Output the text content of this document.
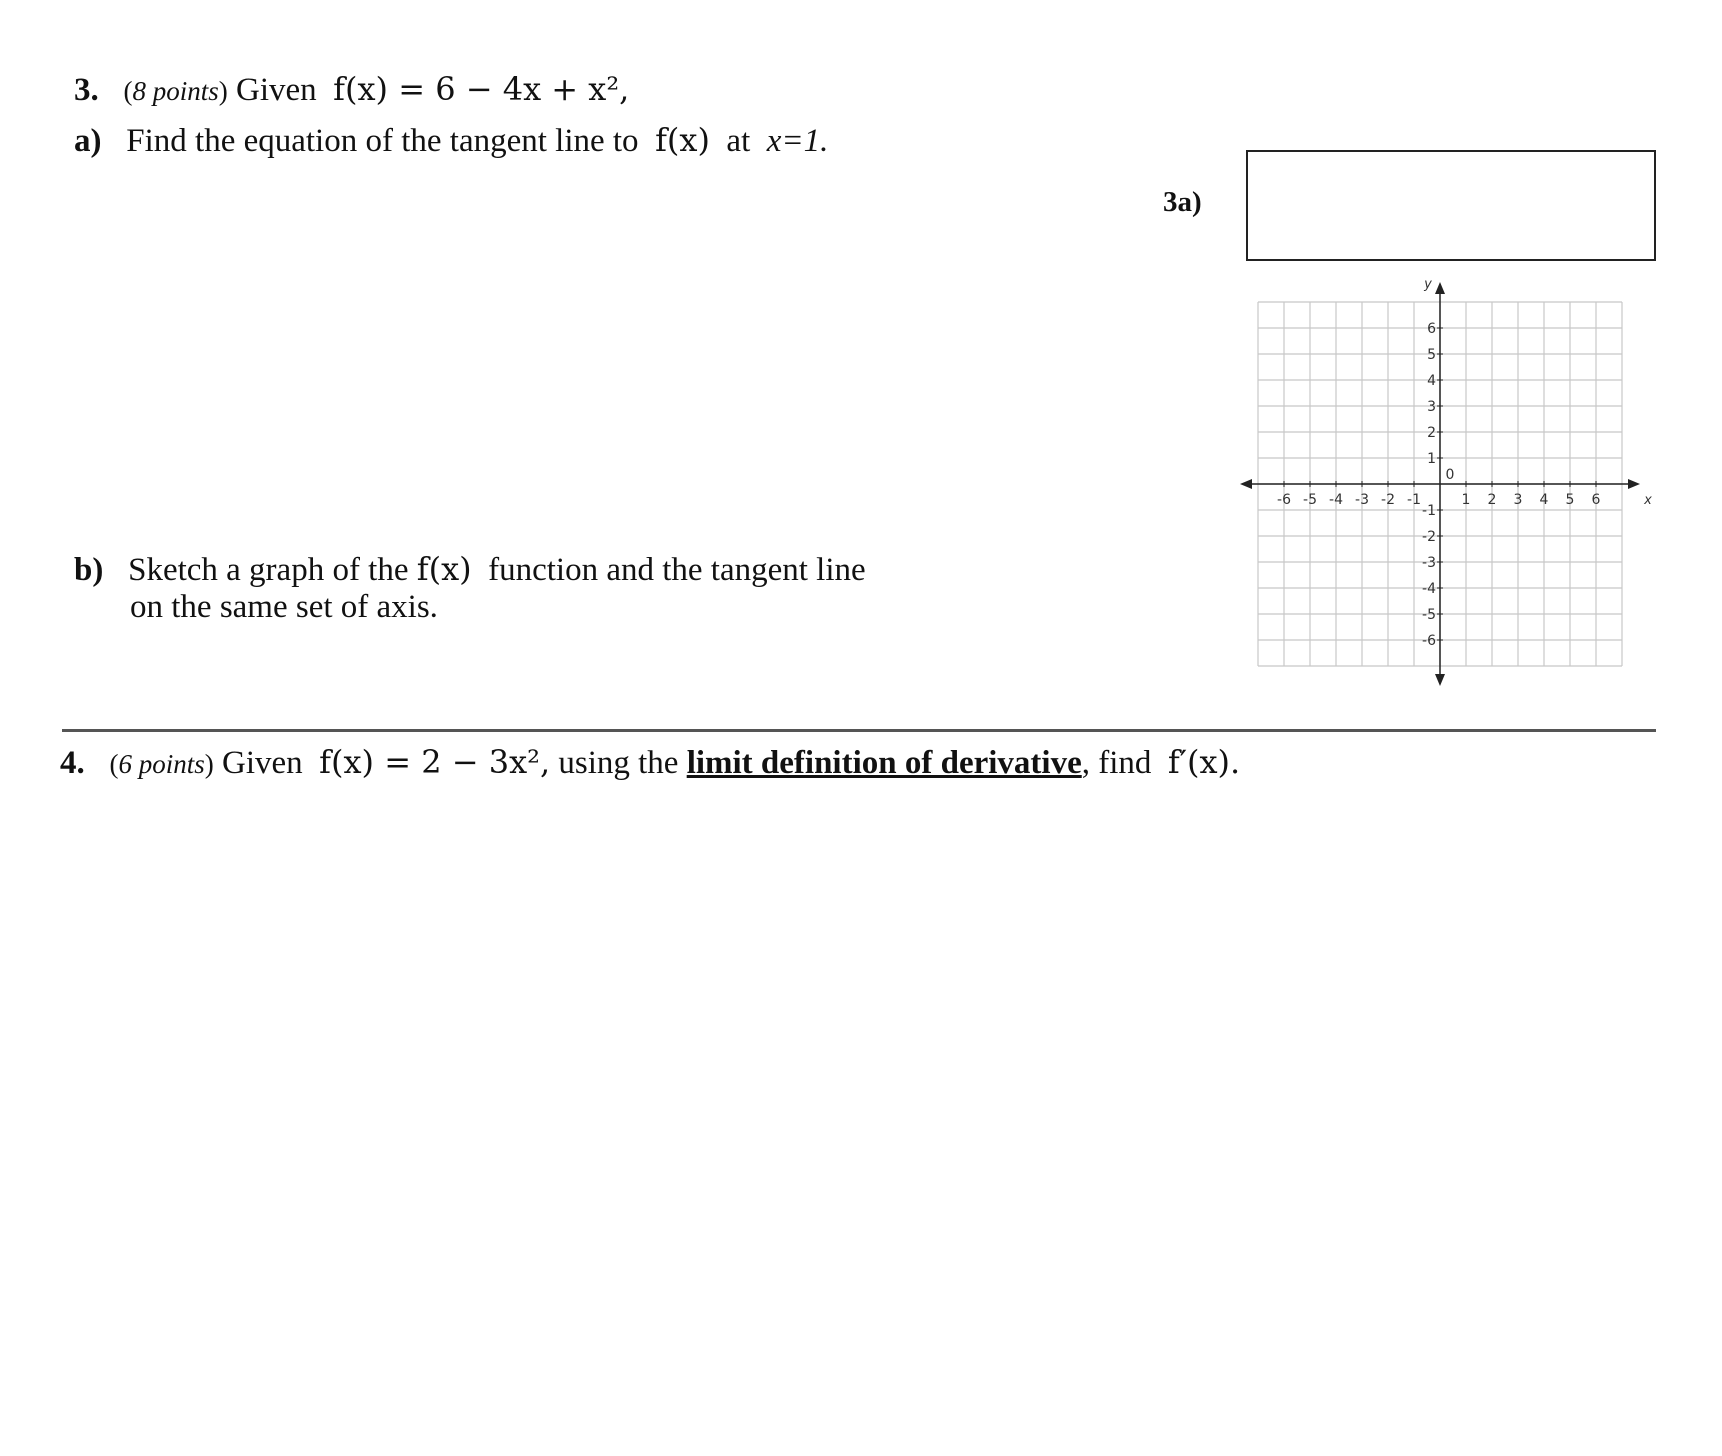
3. (8 points) Given f(x) = 6 − 4x + x²,
a) Find the equation of the tangent line to f(x) at x=1.
3a)
b) Sketch a graph of the f(x) function and the tangent line
on the same set of axis.
-6 -5 -4 -3 -2 -1	1 2 3 4 5 6
6
5
4
3
2
1
-1
-2
-3
-4
-5
-6
0
x
y
4. (6 points) Given f(x) = 2 − 3x², using the limit definition of derivative, find f′(x).
